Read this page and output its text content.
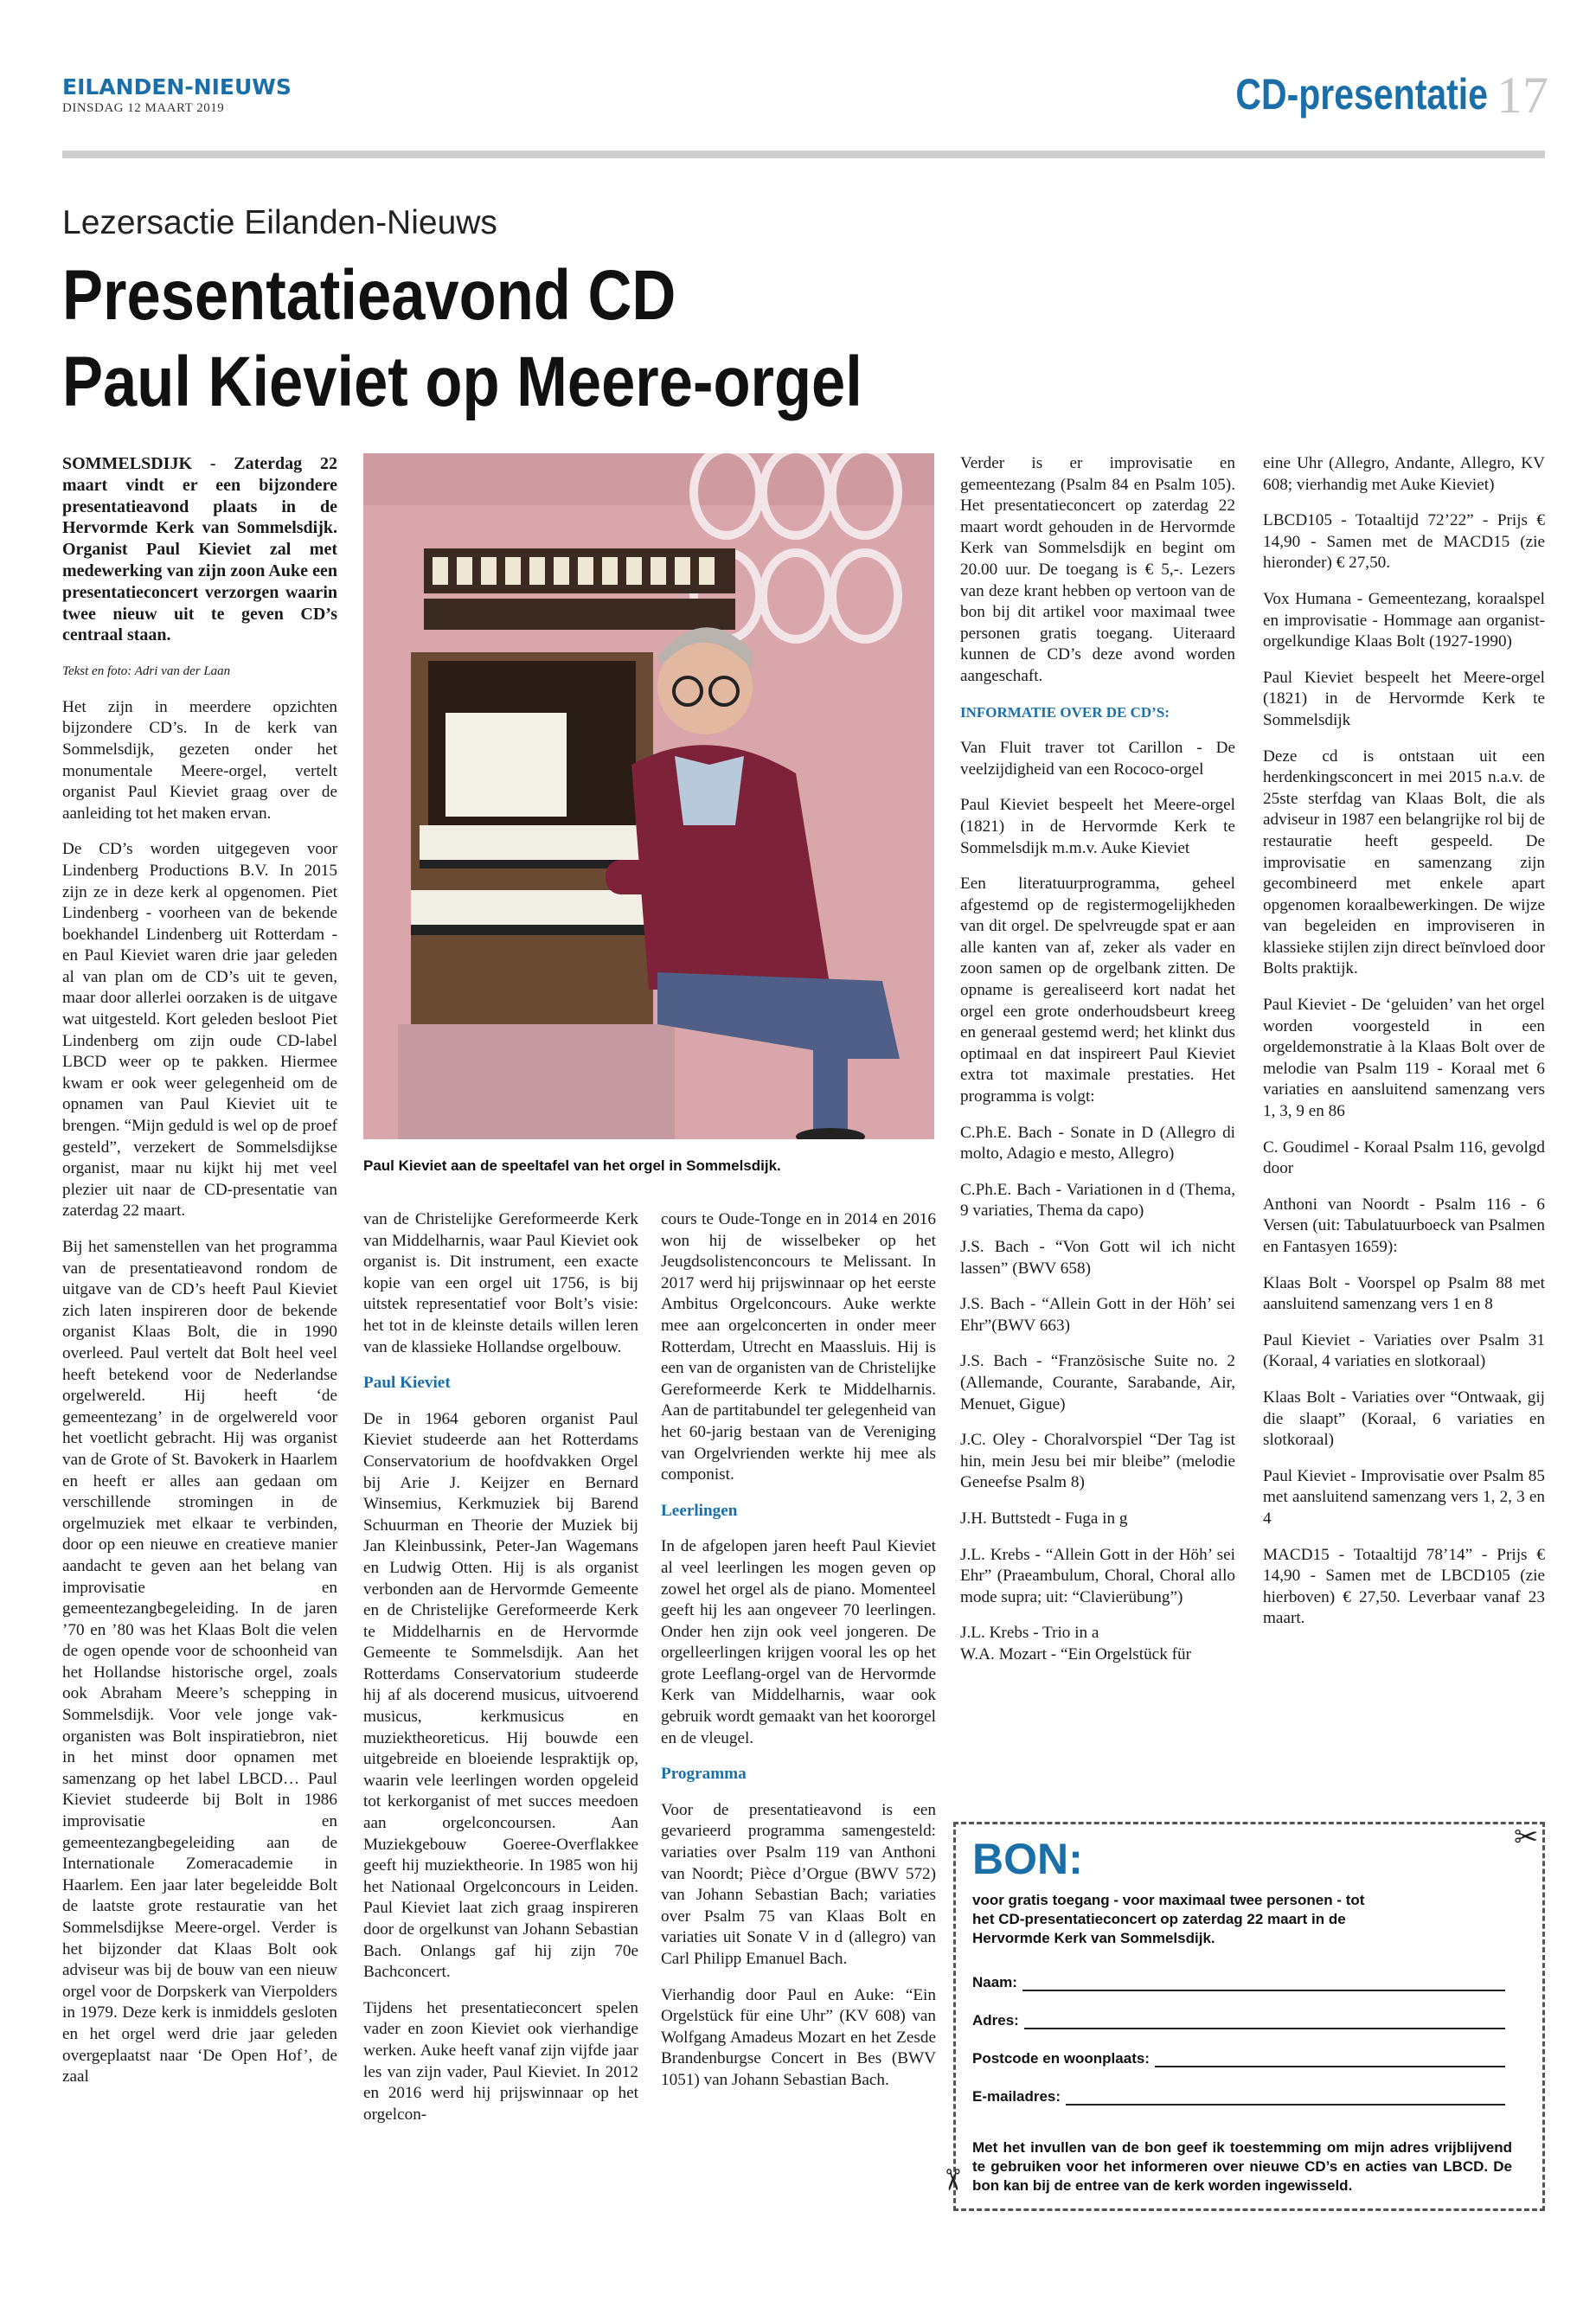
EILANDEN-NIEUWS
DINSDAG 12 MAART 2019	CD-presentatie 17
Lezersactie Eilanden-Nieuws
Presentatieavond CD
Paul Kieviet op Meere-orgel

SOMMELSDIJK - Zaterdag 22 maart vindt er een bijzondere presentatieavond plaats in de Hervormde Kerk van Sommelsdijk. Organist Paul Kieviet zal met medewerking van zijn zoon Auke een presentatieconcert verzorgen waarin twee nieuw uit te geven CD’s centraal staan.

Tekst en foto: Adri van der Laan

Het zijn in meerdere opzichten bijzondere CD’s. In de kerk van Sommelsdijk, gezeten onder het monumentale Meere-orgel, vertelt organist Paul Kieviet graag over de aanleiding tot het maken ervan.

De CD’s worden uitgegeven voor Lindenberg Productions B.V. In 2015 zijn ze in deze kerk al opgenomen. Piet Lindenberg - voorheen van de bekende boekhandel Lindenberg uit Rotterdam - en Paul Kieviet waren drie jaar geleden al van plan om de CD’s uit te geven, maar door allerlei oorzaken is de uitgave wat uitgesteld. Kort geleden besloot Piet Lindenberg om zijn oude CD-label LBCD weer op te pakken. Hiermee kwam er ook weer gelegenheid om de opnamen van Paul Kieviet uit te brengen. “Mijn geduld is wel op de proef gesteld”, verzekert de Sommelsdijkse organist, maar nu kijkt hij met veel plezier uit naar de CD-presentatie van zaterdag 22 maart.

Bij het samenstellen van het programma van de presentatieavond rondom de uitgave van de CD’s heeft Paul Kieviet zich laten inspireren door de bekende organist Klaas Bolt, die in 1990 overleed. Paul vertelt dat Bolt heel veel heeft betekend voor de Nederlandse orgelwereld. Hij heeft ‘de gemeentezang’ in de orgelwereld voor het voetlicht gebracht. Hij was organist van de Grote of St. Bavokerk in Haarlem en heeft er alles aan gedaan om verschillende stromingen in de orgelmuziek met elkaar te verbinden, door op een nieuwe en creatieve manier aandacht te geven aan het belang van improvisatie en gemeentezangbegeleiding. In de jaren ’70 en ’80 was het Klaas Bolt die velen de ogen opende voor de schoonheid van het Hollandse historische orgel, zoals ook Abraham Meere’s schepping in Sommelsdijk. Voor vele jonge vak-organisten was Bolt inspiratiebron, niet in het minst door opnamen met samenzang op het label LBCD… Paul Kieviet studeerde bij Bolt in 1986 improvisatie en gemeentezangbegeleiding aan de Internationale Zomeracademie in Haarlem. Een jaar later begeleidde Bolt de laatste grote restauratie van het Sommelsdijkse Meere-orgel. Verder is het bijzonder dat Klaas Bolt ook adviseur was bij de bouw van een nieuw orgel voor de Dorpskerk van Vierpolders in 1979. Deze kerk is inmiddels gesloten en het orgel werd drie jaar geleden overgeplaatst naar ‘De Open Hof’, de zaal

Paul Kieviet aan de speeltafel van het orgel in Sommelsdijk.

van de Christelijke Gereformeerde Kerk van Middelharnis, waar Paul Kieviet ook organist is. Dit instrument, een exacte kopie van een orgel uit 1756, is bij uitstek representatief voor Bolt’s visie: het tot in de kleinste details willen leren van de klassieke Hollandse orgelbouw.

Paul Kieviet

De in 1964 geboren organist Paul Kieviet studeerde aan het Rotterdams Conservatorium de hoofdvakken Orgel bij Arie J. Keijzer en Bernard Winsemius, Kerkmuziek bij Barend Schuurman en Theorie der Muziek bij Jan Kleinbussink, Peter-Jan Wagemans en Ludwig Otten. Hij is als organist verbonden aan de Hervormde Gemeente en de Christelijke Gereformeerde Kerk te Middelharnis en de Hervormde Gemeente te Sommelsdijk. Aan het Rotterdams Conservatorium studeerde hij af als docerend musicus, uitvoerend musicus, kerkmusicus en muziektheoreticus. Hij bouwde een uitgebreide en bloeiende lespraktijk op, waarin vele leerlingen worden opgeleid tot kerkorganist of met succes meedoen aan orgelconcoursen. Aan Muziekgebouw Goeree-Overflakkee geeft hij muziektheorie. In 1985 won hij het Nationaal Orgelconcours in Leiden. Paul Kieviet laat zich graag inspireren door de orgelkunst van Johann Sebastian Bach. Onlangs gaf hij zijn 70e Bachconcert.

Tijdens het presentatieconcert spelen vader en zoon Kieviet ook vierhandige werken. Auke heeft vanaf zijn vijfde jaar les van zijn vader, Paul Kieviet. In 2012 en 2016 werd hij prijswinnaar op het orgelcon-

cours te Oude-Tonge en in 2014 en 2016 won hij de wisselbeker op het Jeugdsolistenconcours te Melissant. In 2017 werd hij prijswinnaar op het eerste Ambitus Orgelconcours. Auke werkte mee aan orgelconcerten in onder meer Rotterdam, Utrecht en Maassluis. Hij is een van de organisten van de Christelijke Gereformeerde Kerk te Middelharnis. Aan de partitabundel ter gelegenheid van het 60-jarig bestaan van de Vereniging van Orgelvrienden werkte hij mee als componist.

Leerlingen

In de afgelopen jaren heeft Paul Kieviet al veel leerlingen les mogen geven op zowel het orgel als de piano. Momenteel geeft hij les aan ongeveer 70 leerlingen. Onder hen zijn ook veel jongeren. De orgelleerlingen krijgen vooral les op het grote Leeflang-orgel van de Hervormde Kerk van Middelharnis, waar ook gebruik wordt gemaakt van het koororgel en de vleugel.

Programma

Voor de presentatieavond is een gevarieerd programma samengesteld: variaties over Psalm 119 van Anthoni van Noordt; Pièce d’Orgue (BWV 572) van Johann Sebastian Bach; variaties over Psalm 75 van Klaas Bolt en variaties uit Sonate V in d (allegro) van Carl Philipp Emanuel Bach.

Vierhandig door Paul en Auke: “Ein Orgelstück für eine Uhr” (KV 608) van Wolfgang Amadeus Mozart en het Zesde Brandenburgse Concert in Bes (BWV 1051) van Johann Sebastian Bach.

Verder is er improvisatie en gemeentezang (Psalm 84 en Psalm 105). Het presentatieconcert op zaterdag 22 maart wordt gehouden in de Hervormde Kerk van Sommelsdijk en begint om 20.00 uur. De toegang is € 5,-. Lezers van deze krant hebben op vertoon van de bon bij dit artikel voor maximaal twee personen gratis toegang. Uiteraard kunnen de CD’s deze avond worden aangeschaft.

INFORMATIE OVER DE CD’S:

Van Fluit traver tot Carillon - De veelzijdigheid van een Rococo-orgel

Paul Kieviet bespeelt het Meere-orgel (1821) in de Hervormde Kerk te Sommelsdijk m.m.v. Auke Kieviet

Een literatuurprogramma, geheel afgestemd op de registermogelijkheden van dit orgel. De spelvreugde spat er aan alle kanten van af, zeker als vader en zoon samen op de orgelbank zitten. De opname is gerealiseerd kort nadat het orgel een grote onderhoudsbeurt kreeg en generaal gestemd werd; het klinkt dus optimaal en dat inspireert Paul Kieviet extra tot maximale prestaties. Het programma is volgt:

C.Ph.E. Bach - Sonate in D (Allegro di molto, Adagio e mesto, Allegro)

C.Ph.E. Bach - Variationen in d (Thema, 9 variaties, Thema da capo)

J.S. Bach - “Von Gott wil ich nicht lassen” (BWV 658)

J.S. Bach - “Allein Gott in der Höh’ sei Ehr”(BWV 663)

J.S. Bach - “Französische Suite no. 2 (Allemande, Courante, Sarabande, Air, Menuet, Gigue)

J.C. Oley - Choralvorspiel “Der Tag ist hin, mein Jesu bei mir bleibe” (melodie Geneefse Psalm 8)

J.H. Buttstedt - Fuga in g

J.L. Krebs - “Allein Gott in der Höh’ sei Ehr” (Praeambulum, Choral, Choral allo mode supra; uit: “Clavierübung”)

J.L. Krebs - Trio in a

W.A. Mozart - “Ein Orgelstück für

eine Uhr (Allegro, Andante, Allegro, KV 608; vierhandig met Auke Kieviet)

LBCD105 - Totaaltijd 72’22” - Prijs € 14,90 - Samen met de MACD15 (zie hieronder) € 27,50.

Vox Humana - Gemeentezang, koraalspel en improvisatie - Hommage aan organist-orgelkundige Klaas Bolt (1927-1990)

Paul Kieviet bespeelt het Meere-orgel (1821) in de Hervormde Kerk te Sommelsdijk

Deze cd is ontstaan uit een herdenkingsconcert in mei 2015 n.a.v. de 25ste sterfdag van Klaas Bolt, die als adviseur in 1987 een belangrijke rol bij de restauratie heeft gespeeld. De improvisatie en samenzang zijn gecombineerd met enkele apart opgenomen koraalbewerkingen. De wijze van begeleiden en improviseren in klassieke stijlen zijn direct beïnvloed door Bolts praktijk.

Paul Kieviet - De ‘geluiden’ van het orgel worden voorgesteld in een orgeldemonstratie à la Klaas Bolt over de melodie van Psalm 119 - Koraal met 6 variaties en aansluitend samenzang vers 1, 3, 9 en 86

C. Goudimel - Koraal Psalm 116, gevolgd door

Anthoni van Noordt - Psalm 116 - 6 Versen (uit: Tabulatuurboeck van Psalmen en Fantasyen 1659):

Klaas Bolt - Voorspel op Psalm 88 met aansluitend samenzang vers 1 en 8

Paul Kieviet - Variaties over Psalm 31 (Koraal, 4 variaties en slotkoraal)

Klaas Bolt - Variaties over “Ontwaak, gij die slaapt” (Koraal, 6 variaties en slotkoraal)

Paul Kieviet - Improvisatie over Psalm 85 met aansluitend samenzang vers 1, 2, 3 en 4

MACD15 - Totaaltijd 78’14” - Prijs € 14,90 - Samen met de LBCD105 (zie hierboven) € 27,50. Leverbaar vanaf 23 maart.

✂
✂
BON:
voor gratis toegang - voor maximaal twee personen - tot het CD-presentatieconcert op zaterdag 22 maart in de Hervormde Kerk van Sommelsdijk.
Naam:
Adres:
Postcode en woonplaats:
E-mailadres:
Met het invullen van de bon geef ik toestemming om mijn adres vrijblijvend te gebruiken voor het informeren over nieuwe CD’s en acties van LBCD. De bon kan bij de entree van de kerk worden ingewisseld.
